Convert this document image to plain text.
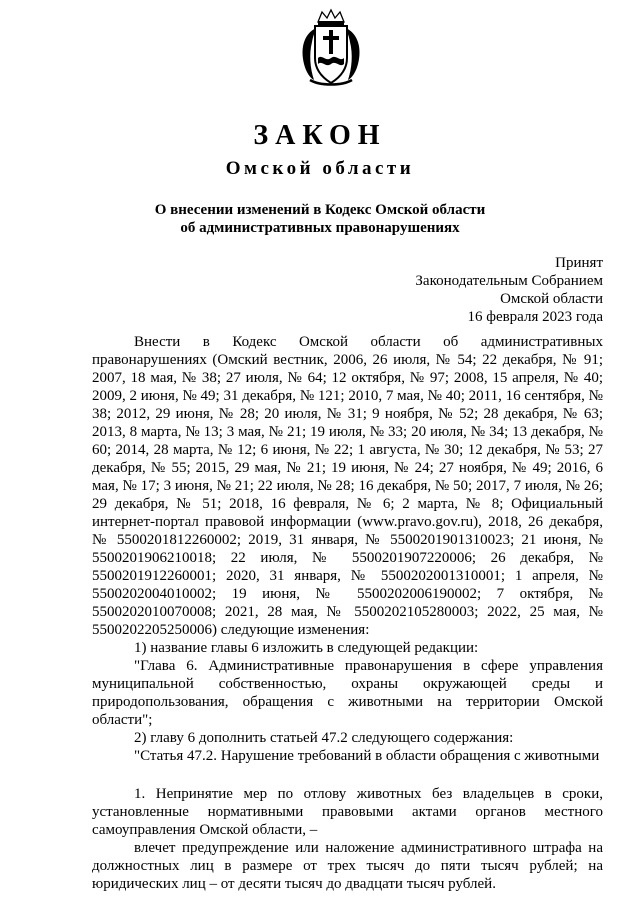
ЗАКОН
Омской области
О внесении изменений в Кодекс Омской области
об административных правонарушениях
Принят
Законодательным Собранием
Омской области
16 февраля 2023 года

Внести в Кодекс Омской области об административных правонарушениях (Омский вестник, 2006, 26 июля, № 54; 22 декабря, № 91; 2007, 18 мая, № 38; 27 июля, № 64; 12 октября, № 97; 2008, 15 апреля, № 40; 2009, 2 июня, № 49; 31 декабря, № 121; 2010, 7 мая, № 40; 2011, 16 сентября, № 38; 2012, 29 июня, № 28; 20 июля, № 31; 9 ноября, № 52; 28 декабря, № 63; 2013, 8 марта, № 13; 3 мая, № 21; 19 июля, № 33; 20 июля, № 34; 13 декабря, № 60; 2014, 28 марта, № 12; 6 июня, № 22; 1 августа, № 30; 12 декабря, № 53; 27 декабря, № 55; 2015, 29 мая, № 21; 19 июня, № 24; 27 ноября, № 49; 2016, 6 мая, № 17; 3 июня, № 21; 22 июля, № 28; 16 декабря, № 50; 2017, 7 июля, № 26; 29 декабря, № 51; 2018, 16 февраля, № 6; 2 марта, № 8; Официальный интернет-портал правовой информации (www.pravo.gov.ru), 2018, 26 декабря, № 5500201812260002; 2019, 31 января, № 5500201901310023; 21 июня, № 5500201906210018; 22 июля, № 5500201907220006; 26 декабря, № 5500201912260001; 2020, 31 января, № 5500202001310001; 1 апреля, № 5500202004010002; 19 июня, № 5500202006190002; 7 октября, № 5500202010070008; 2021, 28 мая, № 5500202105280003; 2022, 25 мая, № 5500202205250006) следующие изменения:

1) название главы 6 изложить в следующей редакции:

"Глава 6. Административные правонарушения в сфере управления муниципальной собственностью, охраны окружающей среды и природопользования, обращения с животными на территории Омской области";

2) главу 6 дополнить статьей 47.2 следующего содержания:

"Статья 47.2. Нарушение требований в области обращения с животными

1. Непринятие мер по отлову животных без владельцев в сроки, установленные нормативными правовыми актами органов местного самоуправления Омской области, –

влечет предупреждение или наложение административного штрафа на должностных лиц в размере от трех тысяч до пяти тысяч рублей; на юридических лиц – от десяти тысяч до двадцати тысяч рублей.
